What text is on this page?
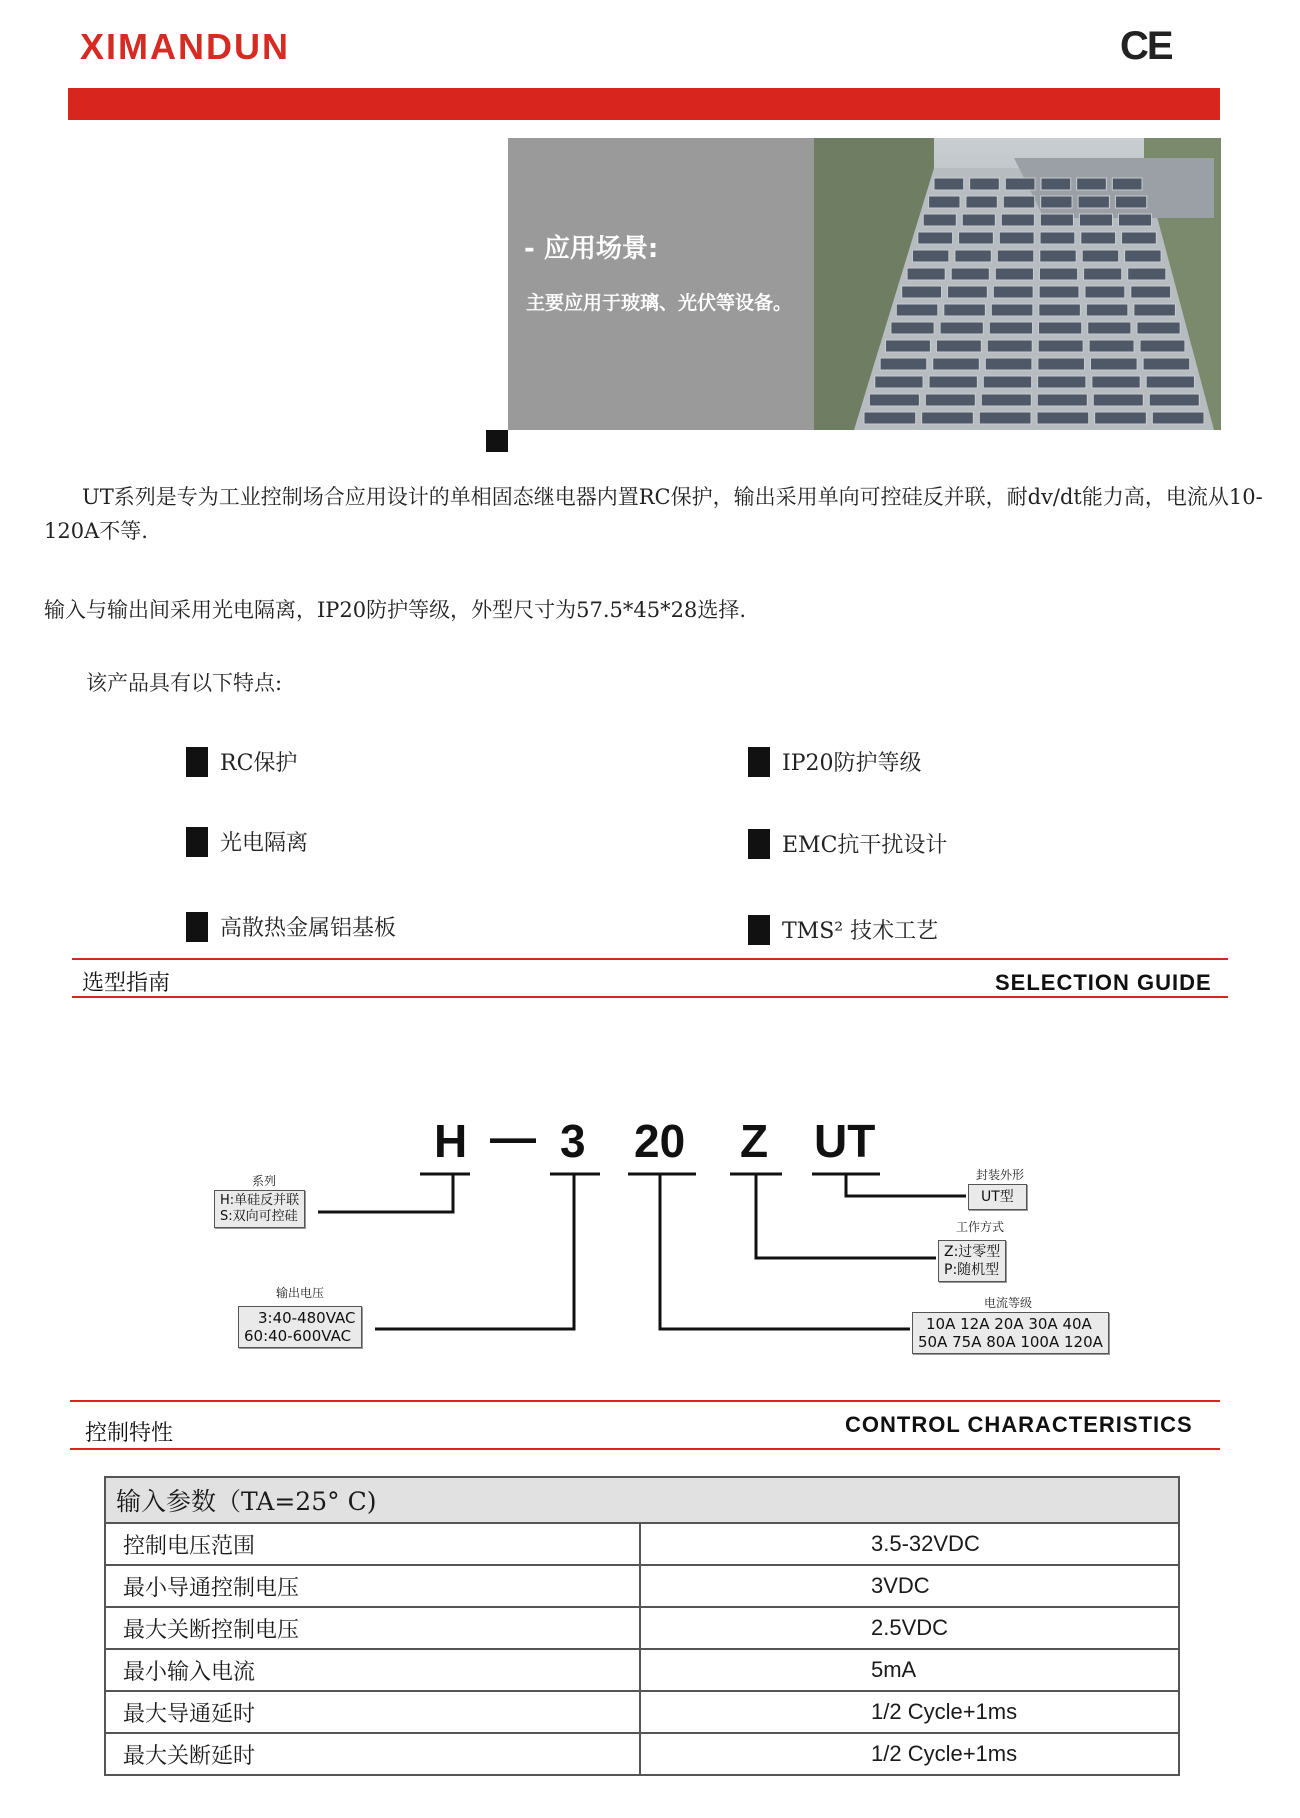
XIMANDUN	CE
- 应用场景:
主要应用于玻璃、光伏等设备。
UT系列是专为工业控制场合应用设计的单相固态继电器内置RC保护，输出采用单向可控硅反并联，耐dv/dt能力高，电流从10-120A不等.
输入与输出间采用光电隔离，IP20防护等级，外型尺寸为57.5*45*28选择.
该产品具有以下特点:
RC保护	IP20防护等级
光电隔离	EMC抗干扰设计
高散热金属铝基板	TMS² 技术工艺
选型指南	SELECTION GUIDE
H — 3 20 Z UT
系列
H:单硅反并联
S:双向可控硅
输出电压
3:40-480VAC
60:40-600VAC
封装外形
UT型
工作方式
Z:过零型
P:随机型
电流等级
10A 12A 20A 30A 40A
50A 75A 80A 100A 120A
控制特性	CONTROL CHARACTERISTICS
输入参数（TA=25° C)	
控制电压范围	3.5-32VDC
最小导通控制电压	3VDC
最大关断控制电压	2.5VDC
最小输入电流	5mA
最大导通延时	1/2 Cycle+1ms
最大关断延时	1/2 Cycle+1ms
